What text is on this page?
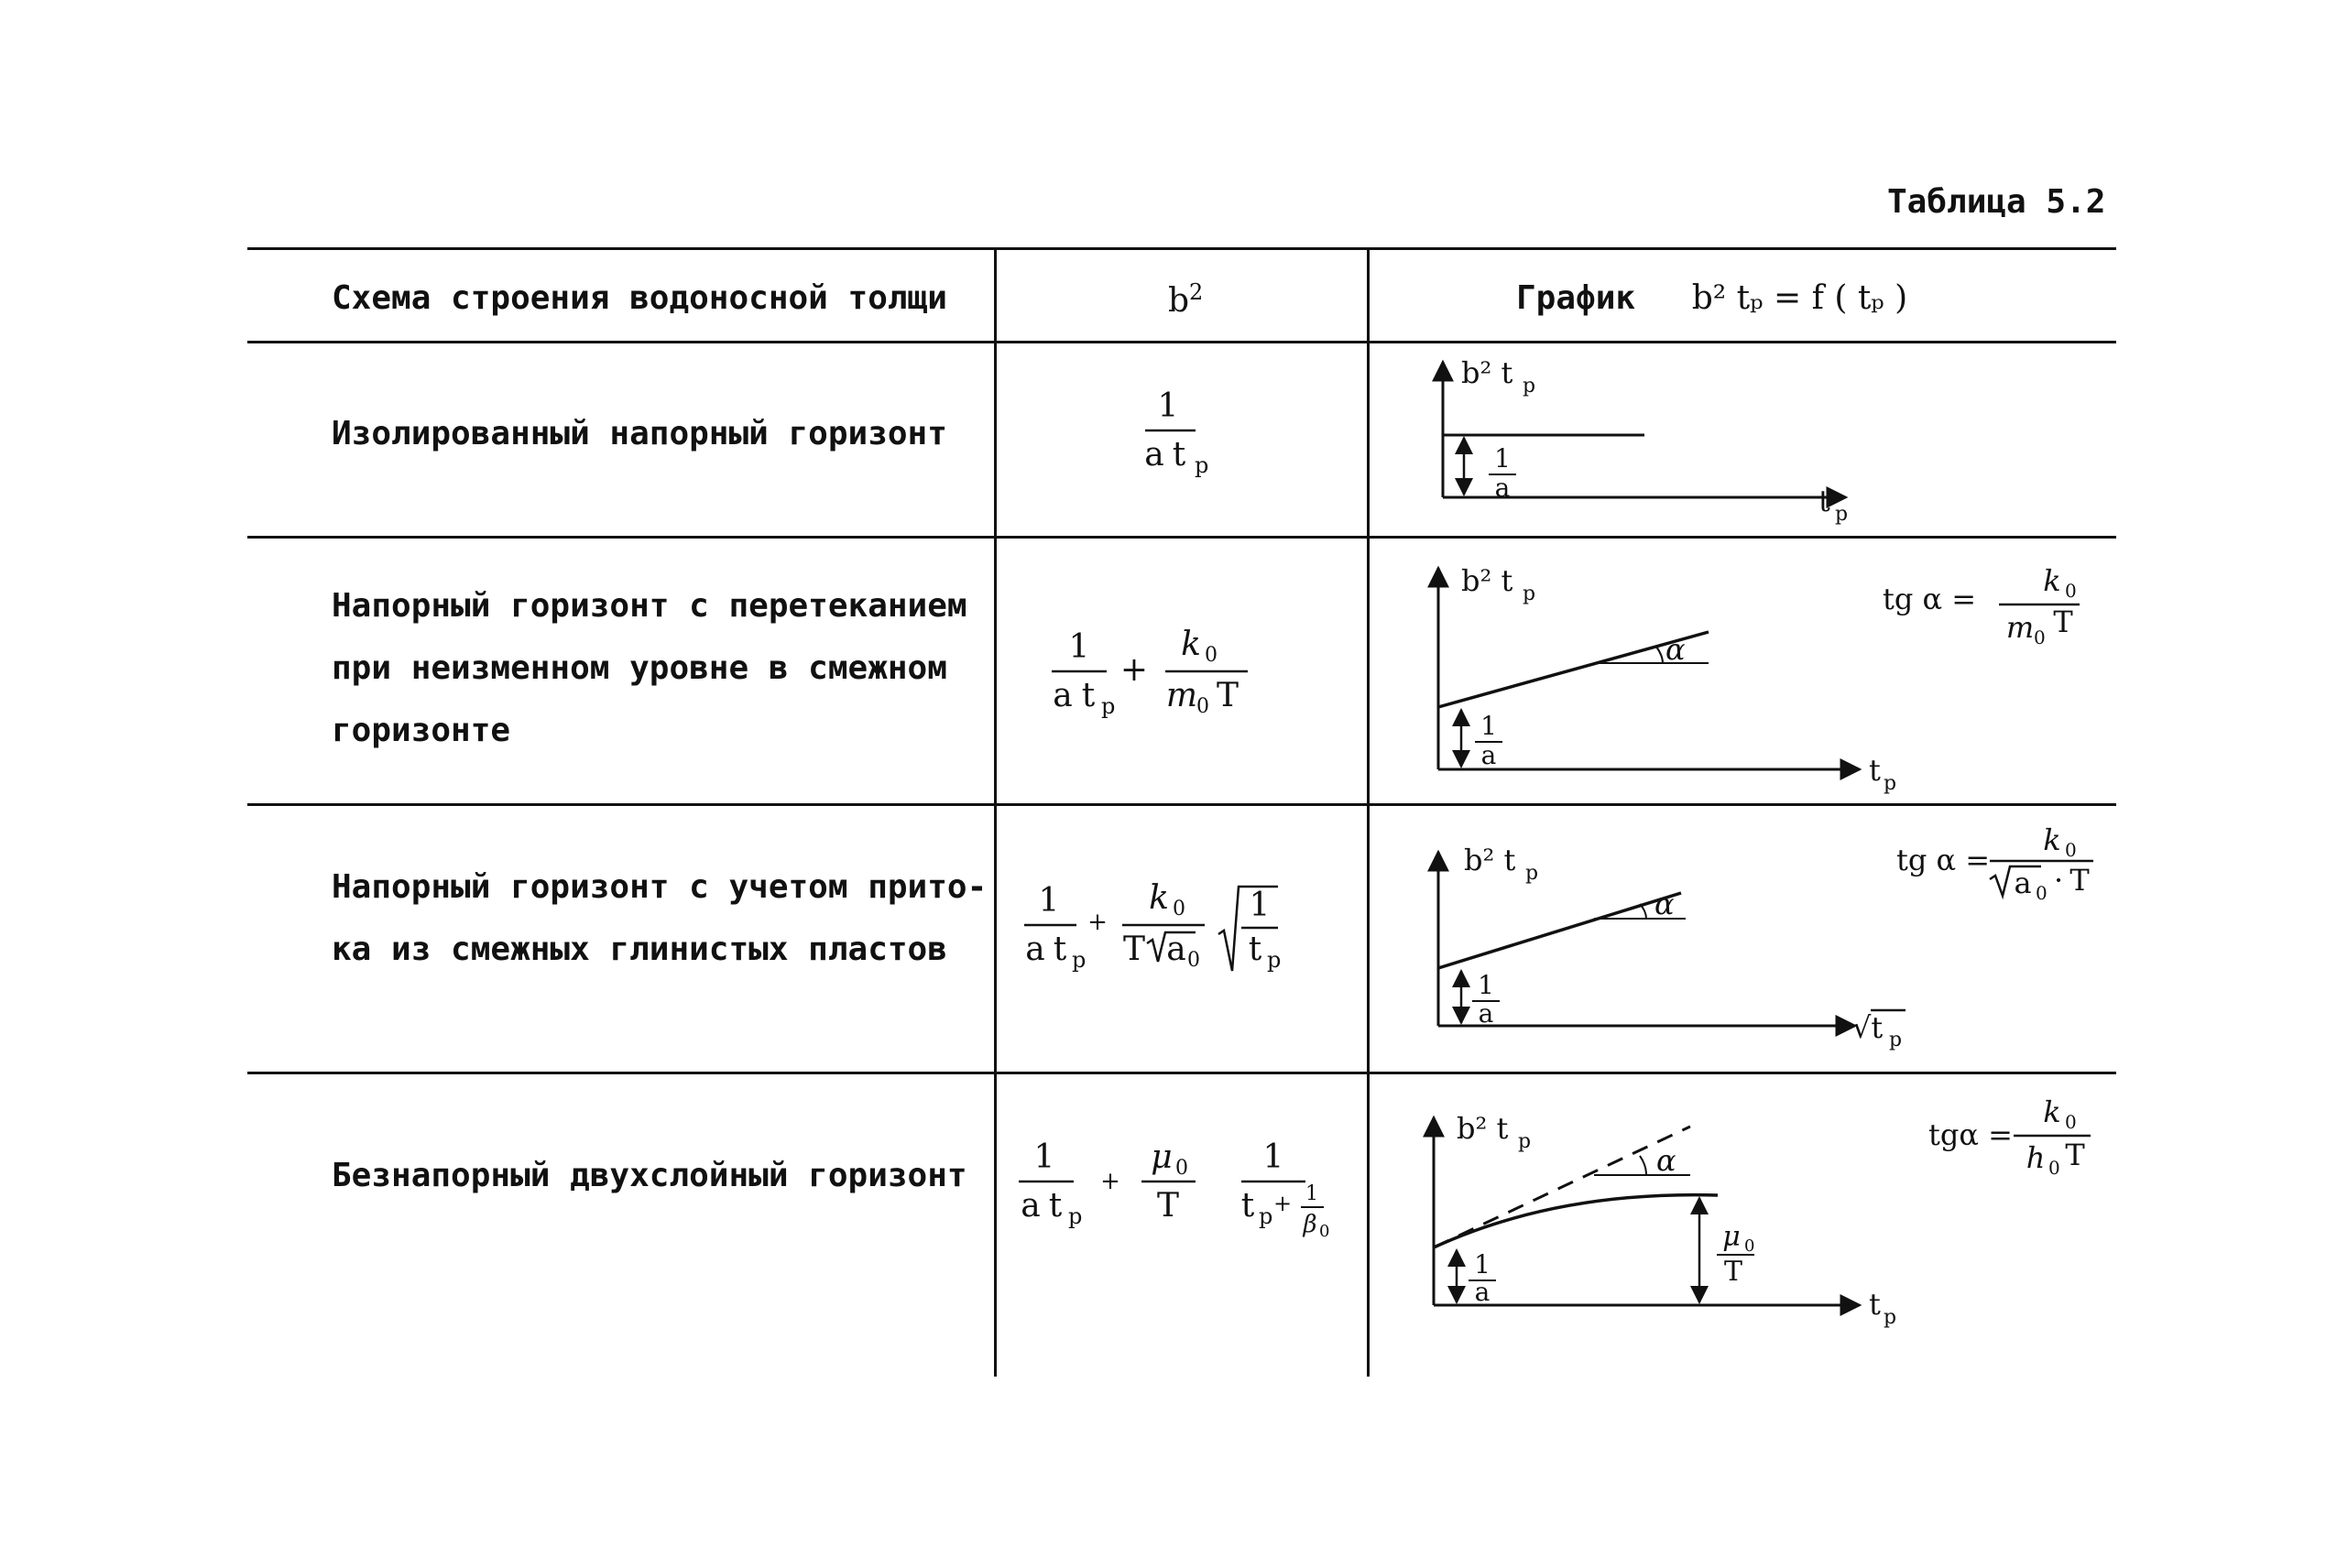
Таблица 5.2
Схема строения водоносной толщи	$b^2$	График b² tₚ = f ( tₚ )
Изолированный напорный горизонт
Напорный горизонт с перетеканием
при неизменном уровне в смежном
горизонте
Напорный горизонт с учетом прито-
ка из смежных глинистых пластов
Безнапорный двухслойный горизонт
1
a t p
1
a t p
+
k 0
m
0 T
1
a t p
+
k 0
T a 0
1
t p
1
a t p
+
μ 0
T
1
t p + 1
β 0
b² t p
t p
1
a
b² t p
t p
α
1
a
tg α =
k 0
m 0 T
b² t p
√t p
α
1
a
tg α =
k 0
a 0 · T
b² t p
t p
α
1
a
μ 0
T
tgα =
k 0
h 0 T
